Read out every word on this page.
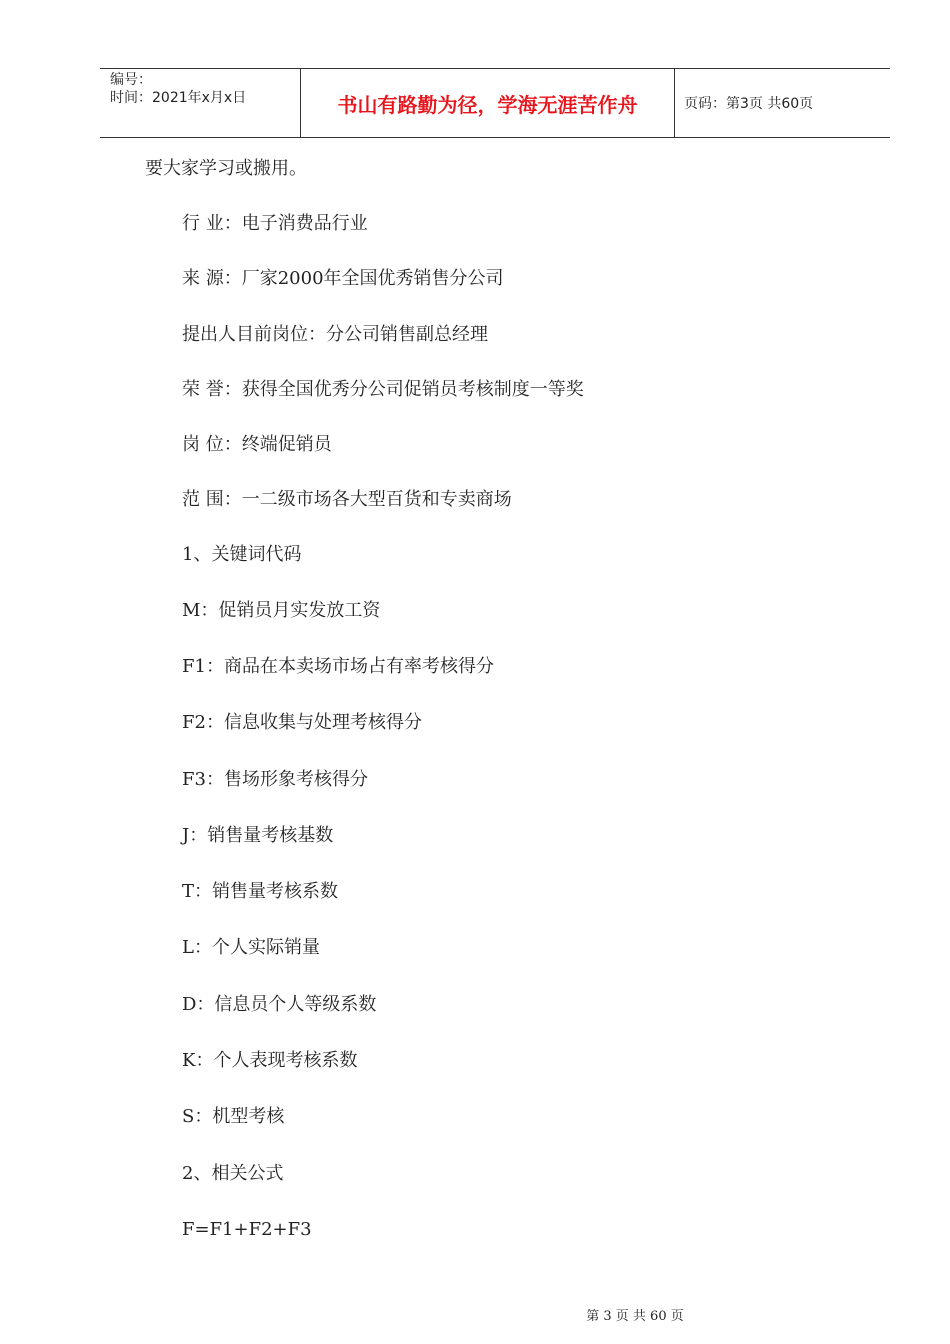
编号：
时间：2021年x月x日	书山有路勤为径，学海无涯苦作舟	页码：第3页 共60页
要大家学习或搬用。
行 业：电子消费品行业
来 源：厂家2000年全国优秀销售分公司
提出人目前岗位：分公司销售副总经理
荣 誉：获得全国优秀分公司促销员考核制度一等奖
岗 位：终端促销员
范 围：一二级市场各大型百货和专卖商场
1、关键词代码
M：促销员月实发放工资
F1：商品在本卖场市场占有率考核得分
F2：信息收集与处理考核得分
F3：售场形象考核得分
J：销售量考核基数
T：销售量考核系数
L：个人实际销量
D：信息员个人等级系数
K：个人表现考核系数
S：机型考核
2、相关公式
F=F1+F2+F3
第 3 页 共 60 页
